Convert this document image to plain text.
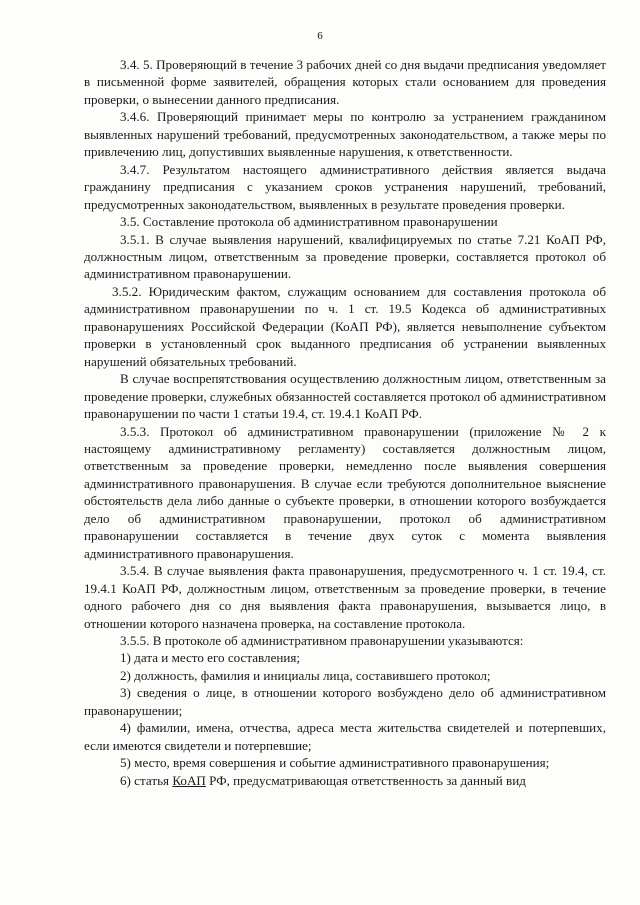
6

3.4. 5. Проверяющий в течение 3 рабочих дней со дня выдачи предписания уведомляет в письменной форме заявителей, обращения которых стали основанием для проведения проверки, о вынесении данного предписания.

3.4.6. Проверяющий принимает меры по контролю за устранением гражданином выявленных нарушений требований, предусмотренных законодательством, а также меры по привлечению лиц, допустивших выявленные нарушения, к ответственности.

3.4.7. Результатом настоящего административного действия является выдача гражданину предписания с указанием сроков устранения нарушений, требований, предусмотренных законодательством, выявленных в результате проведения проверки.

3.5. Составление протокола об административном правонарушении

3.5.1. В случае выявления нарушений, квалифицируемых по статье 7.21 КоАП РФ, должностным лицом, ответственным за проведение проверки, составляется протокол об административном правонарушении.

3.5.2. Юридическим фактом, служащим основанием для составления протокола об административном правонарушении по ч. 1 ст. 19.5 Кодекса об административных правонарушениях Российской Федерации (КоАП РФ), является невыполнение субъектом проверки в установленный срок выданного предписания об устранении выявленных нарушений обязательных требований.

В случае воспрепятствования осуществлению должностным лицом, ответственным за проведение проверки, служебных обязанностей составляется протокол об административном правонарушении по части 1 статьи 19.4, ст. 19.4.1 КоАП РФ.

3.5.3. Протокол об административном правонарушении (приложение № 2 к настоящему административному регламенту) составляется должностным лицом, ответственным за проведение проверки, немедленно после выявления совершения административного правонарушения. В случае если требуются дополнительное выяснение обстоятельств дела либо данные о субъекте проверки, в отношении которого возбуждается дело об административном правонарушении, протокол об административном правонарушении составляется в течение двух суток с момента выявления административного правонарушения.

3.5.4. В случае выявления факта правонарушения, предусмотренного ч. 1 ст. 19.4, ст. 19.4.1 КоАП РФ, должностным лицом, ответственным за проведение проверки, в течение одного рабочего дня со дня выявления факта правонарушения, вызывается лицо, в отношении которого назначена проверка, на составление протокола.

3.5.5. В протоколе об административном правонарушении указываются:

1) дата и место его составления;

2) должность, фамилия и инициалы лица, составившего протокол;

3) сведения о лице, в отношении которого возбуждено дело об административном правонарушении;

4) фамилии, имена, отчества, адреса места жительства свидетелей и потерпевших, если имеются свидетели и потерпевшие;

5) место, время совершения и событие административного правонарушения;

6) статья КоАП РФ, предусматривающая ответственность за данный вид
